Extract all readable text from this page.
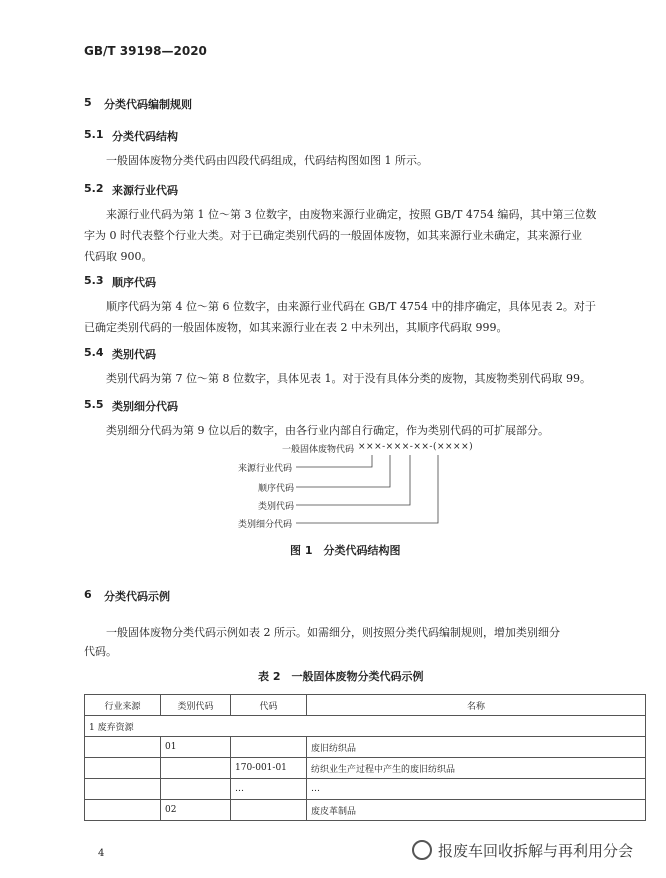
GB/T 39198—2020
5 分类代码编制规则
5.1 分类代码结构
一般固体废物分类代码由四段代码组成，代码结构图如图 1 所示。
5.2 来源行业代码
来源行业代码为第 1 位～第 3 位数字，由废物来源行业确定，按照 GB/T 4754 编码，其中第三位数
字为 0 时代表整个行业大类。对于已确定类别代码的一般固体废物，如其来源行业未确定，其来源行业
代码取 900。
5.3 顺序代码
顺序代码为第 4 位～第 6 位数字，由来源行业代码在 GB/T 4754 中的排序确定，具体见表 2。对于
已确定类别代码的一般固体废物，如其来源行业在表 2 中未列出，其顺序代码取 999。
5.4 类别代码
类别代码为第 7 位～第 8 位数字，具体见表 1。对于没有具体分类的废物，其废物类别代码取 99。
5.5 类别细分代码
类别细分代码为第 9 位以后的数字，由各行业内部自行确定，作为类别代码的可扩展部分。
一般固体废物代码 ×××-×××-××-(××××)
来源行业代码
顺序代码
类别代码
类别细分代码
图 1　分类代码结构图
6 分类代码示例
一般固体废物分类代码示例如表 2 所示。如需细分，则按照分类代码编制规则，增加类别细分
代码。
表 2　一般固体废物分类代码示例
行业来源	类别代码	代码	名称
1 废弃资源			
	01		废旧纺织品
		170-001-01	纺织业生产过程中产生的废旧纺织品
		…	…
	02		废皮革制品
4	报废车回收拆解与再利用分会
